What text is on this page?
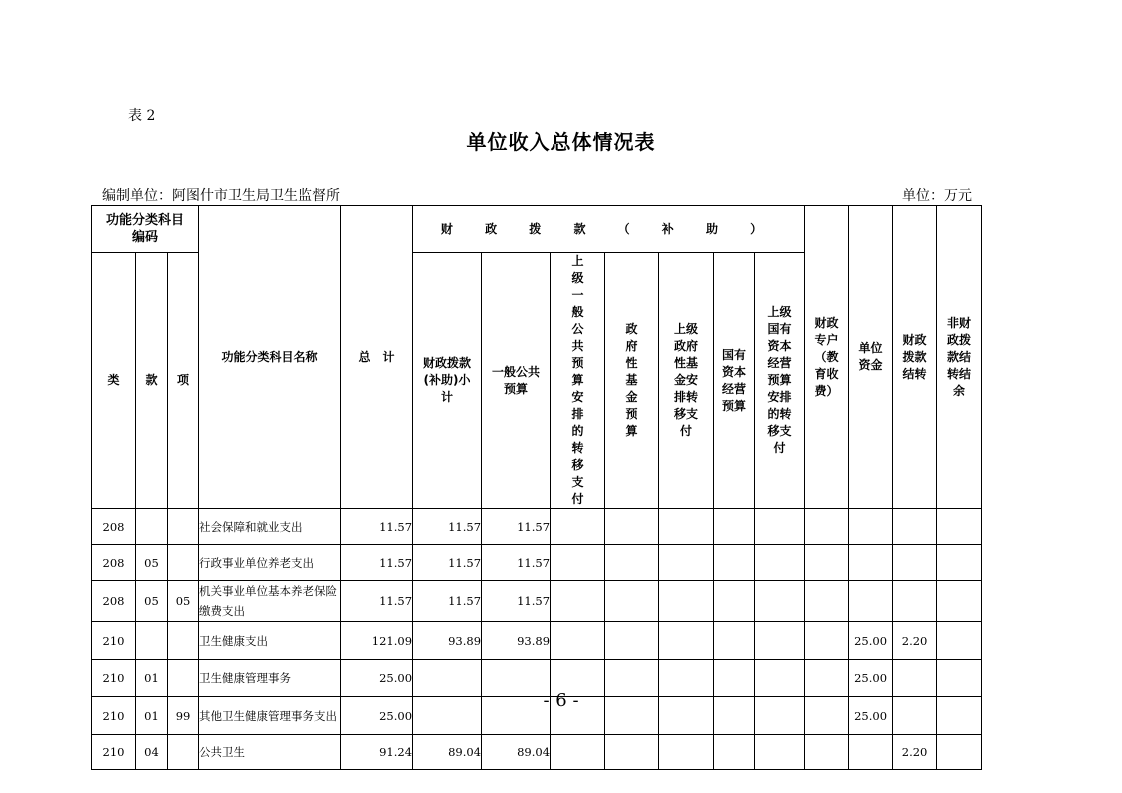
表 2
单位收入总体情况表
编制单位：阿图什市卫生局卫生监督所	单位：万元
功能分类科目编码			功能分类科目名称	总　计	财 政 拨 款 （ 补 助 ）							财政专户（教育收费）	单位资金	财政拨款结转	非财政拨款结转结余
类	款	项			财政拨款(补助)小计	一般公共预算	上级一般公共预算安排的转移支付	政府性基金预算	上级政府性基金安排转移支付	国有资本经营预算	上级国有资本经营预算安排的转移支付				
208			社会保障和就业支出	11.57	11.57	11.57									
208	05		行政事业单位养老支出	11.57	11.57	11.57									
208	05	05	机关事业单位基本养老保险缴费支出	11.57	11.57	11.57									
210			卫生健康支出	121.09	93.89	93.89							25.00	2.20	
210	01		卫生健康管理事务	25.00									25.00		
210	01	99	其他卫生健康管理事务支出	25.00									25.00		
210	04		公共卫生	91.24	89.04	89.04								2.20	
- 6 -
